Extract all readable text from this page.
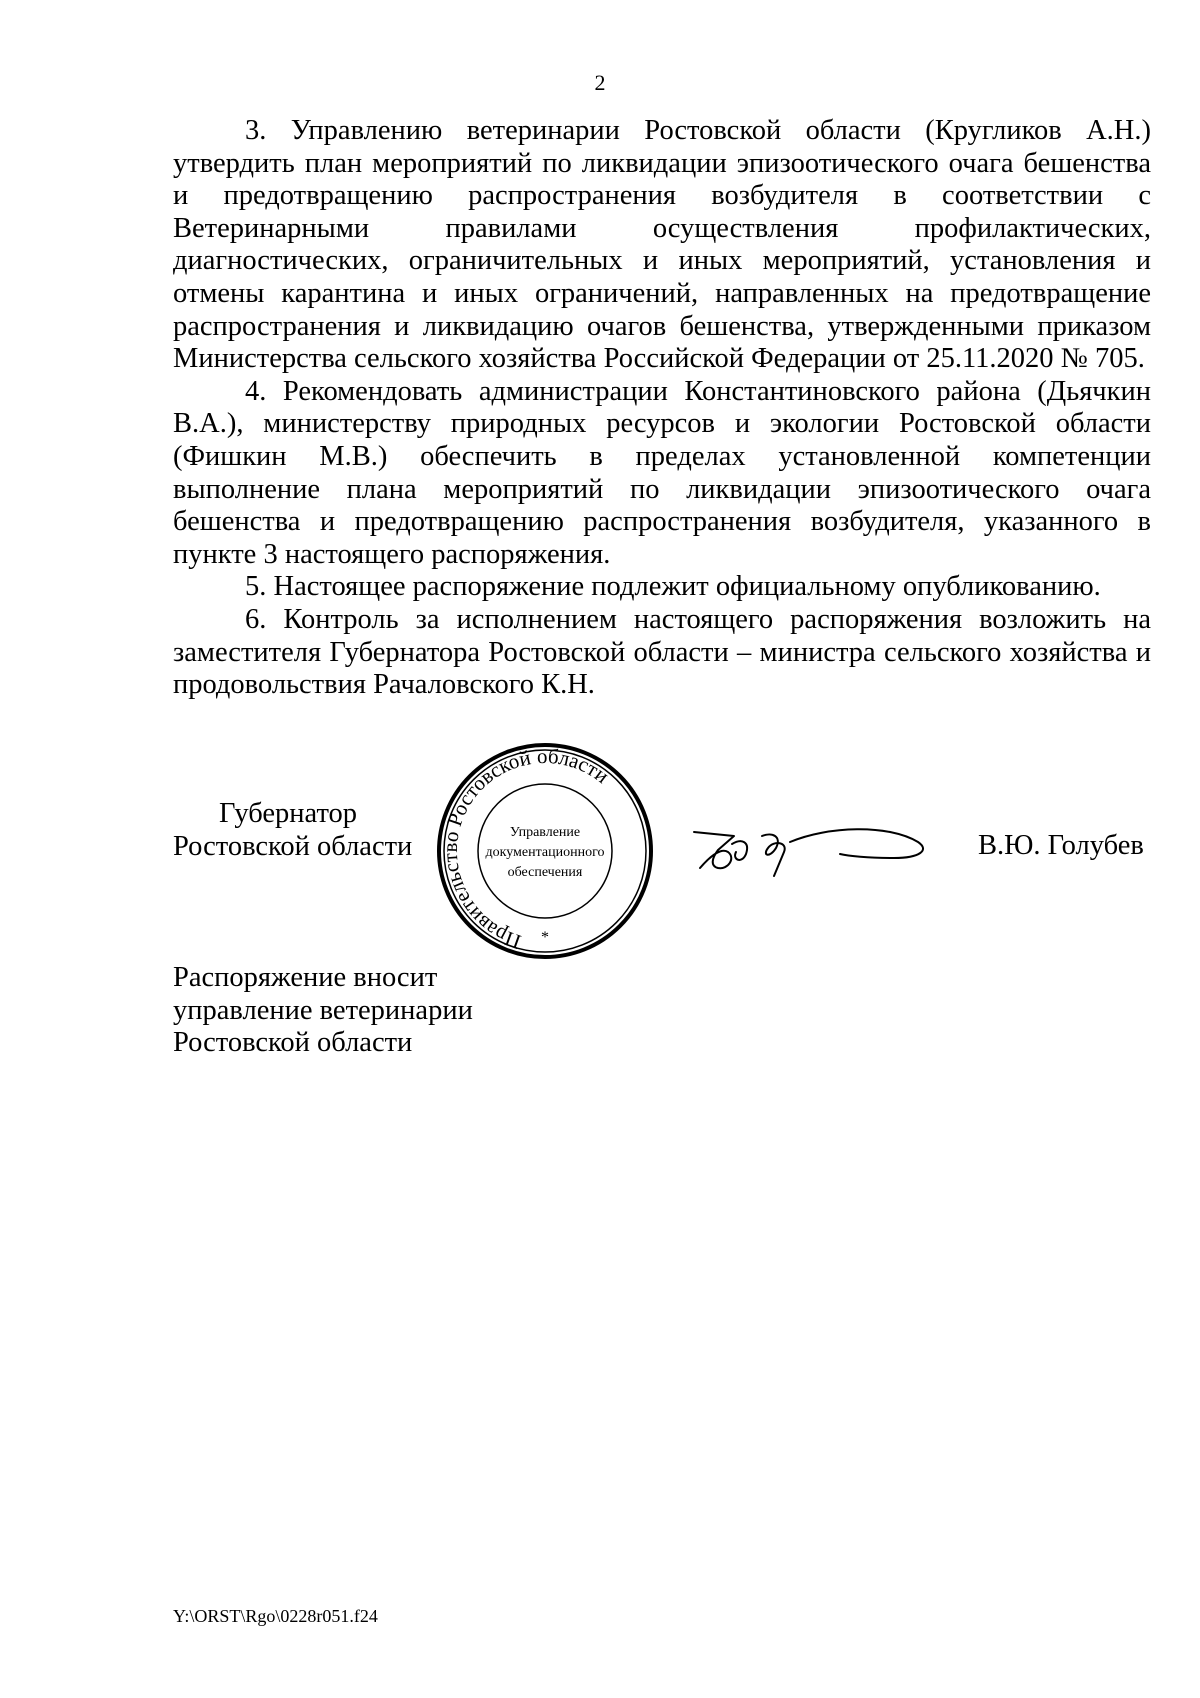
2

3. Управлению ветеринарии Ростовской области (Кругликов А.Н.) утвердить план мероприятий по ликвидации эпизоотического очага бешенства и предотвращению распространения возбудителя в соответствии с Ветеринарными правилами осуществления профилактических, диагностических, ограничительных и иных мероприятий, установления и отмены карантина и иных ограничений, направленных на предотвращение распространения и ликвидацию очагов бешенства, утвержденными приказом Министерства сельского хозяйства Российской Федерации от 25.11.2020 № 705.

4. Рекомендовать администрации Константиновского района (Дьячкин В.А.), министерству природных ресурсов и экологии Ростовской области (Фишкин М.В.) обеспечить в пределах установленной компетенции выполнение плана мероприятий по ликвидации эпизоотического очага бешенства и предотвращению распространения возбудителя, указанного в пункте 3 настоящего распоряжения.

5. Настоящее распоряжение подлежит официальному опубликованию.

6. Контроль за исполнением настоящего распоряжения возложить на заместителя Губернатора Ростовской области – министра сельского хозяйства и продовольствия Рачаловского К.Н.

Губернатор
Ростовской области
Правительство Ростовской области
Управление
документационного
обеспечения
*
В.Ю. Голубев
Распоряжение вносит
управление ветеринарии
Ростовской области
Y:\ORST\Rgo\0228r051.f24
